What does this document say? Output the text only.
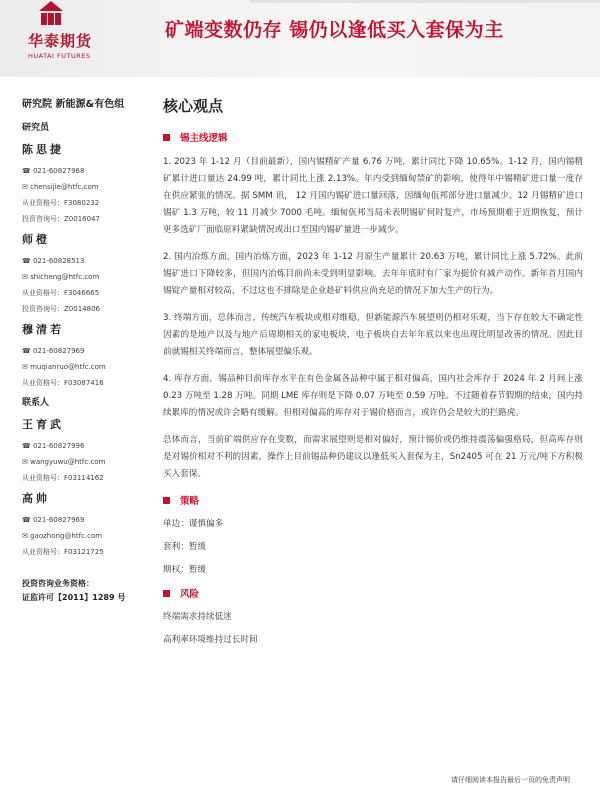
华泰期货
HUATAI FUTURES
矿端变数仍存 锡仍以逢低买入套保为主
研究院 新能源&有色组
研究员
陈思捷
☎ 021-60827968
✉ chensijie@htfc.com
从业资格号：F3080232
投资咨询号：Z0016047
师橙
☎ 021-60828513
✉ shicheng@htfc.com
从业资格号：F3046665
投资咨询号：Z0014806
穆清若
☎ 021-60827969
✉ muqianruo@htfc.com
从业资格号：F03087416
联系人
王育武
☎ 021-60827996
✉ wangyuwu@htfc.com
从业资格号：F03114162
高帅
☎ 021-60827969
✉ gaozhong@htfc.com
从业资格号：F03121725
投资咨询业务资格：
证监许可【2011】1289 号
核心观点
锡主线逻辑

1. 2023 年 1-12 月（目前最新），国内锡精矿产量 6.76 万吨，累计同比下降 10.65%。1-12 月，国内锡精矿累计进口量达 24.99 吨，累计同比上涨 2.13%。年内受到缅甸禁矿的影响，使得年中锡精矿进口量一度存在供应紧张的情况。据 SMM 讯， 12 月国内锡矿进口量回落，因缅甸佤邦部分进口量减少。12 月锡精矿进口锡矿 1.3 万吨，较 11 月减少 7000 毛吨。缅甸佤邦当局未表明锡矿何时复产，市场预期难于近期恢复，预计更多选矿厂面临原料紧缺情况或出口至国内锡矿量进一步减少。

2. 国内冶炼方面，国内冶炼方面，2023 年 1-12 月原生产量累计 20.63 万吨，累计同比上涨 5.72%。此前锡矿进口下降较多，但国内冶炼目前尚未受到明显影响。去年年底时有厂家为挺价有减产动作。新年首月国内锡锭产量相对较高，不过这也不排除是企业趁矿料供应尚充足的情况下加大生产的行为。

3. 终端方面，总体而言，传统汽车板块或相对维稳，但新能源汽车展望则仍相对乐观，当下存在较大不确定性因素的是地产以及与地产后周期相关的家电板块，电子板块自去年年底以来也出现比明显改善的情况。因此目前就锡相关终端而言，整体展望偏乐观。

4. 库存方面，锡品种目前库存水平在有色金属各品种中属于相对偏高，国内社会库存于 2024 年 2 月间上涨 0.23 万吨至 1.28 万吨。同期 LME 库存则是下降 0.07 万吨至 0.59 万吨。不过随着春节假期的结束，国内持续累库的情况或许会略有缓解。但相对偏高的库存对于锡价格而言，或许仍会是较大的拦路虎。

总体而言，当前矿端供应存在变数，而需求展望则是相对偏好，预计锡价或仍维持震荡偏强格局，但高库存则是对锡价相对不利的因素，操作上目前锡品种仍建议以逢低买入套保为主，Sn2405 可在 21 万元/吨下方积极买入套保。

策略
单边：谨慎偏多
套利：暂缓
期权：暂缓
风险
终端需求持续低迷
高利率环境维持过长时间
请仔细阅读本报告最后一页的免责声明
